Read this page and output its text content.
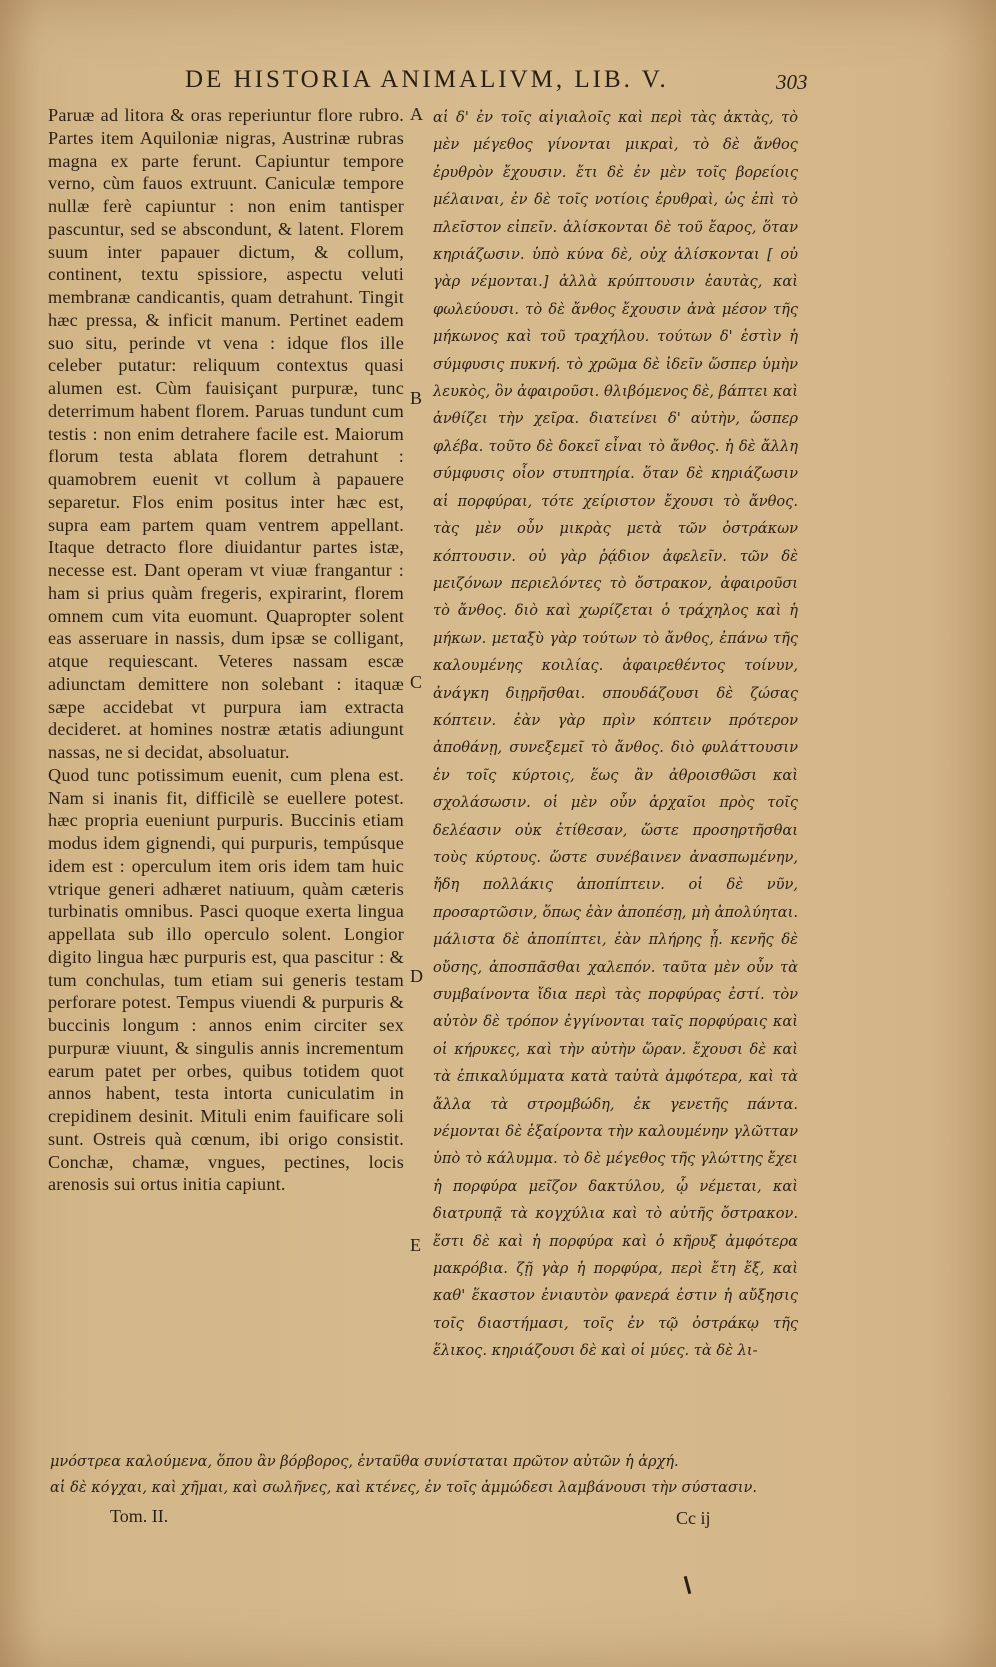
DE HISTORIA ANIMALIVM, LIB. V.	303

Paruæ ad litora & oras reperiuntur flore rubro. Partes item Aquiloniæ nigras, Austrinæ rubras magna ex parte ferunt. Capiuntur tempore verno, cùm fauos extruunt. Caniculæ tempore nullæ ferè capiuntur : non enim tantisper pascuntur, sed se abscondunt, & latent. Florem suum inter papauer dictum, & collum, continent, textu spissiore, aspectu veluti membranæ candicantis, quam detrahunt. Tingit hæc pressa, & inficit manum. Pertinet eadem suo situ, perinde vt vena : idque flos ille celeber putatur: reliquum contextus quasi alumen est. Cùm fauisiçant purpuræ, tunc deterrimum habent florem. Paruas tundunt cum testis : non enim detrahere facile est. Maiorum florum testa ablata florem detrahunt : quamobrem euenit vt collum à papauere separetur. Flos enim positus inter hæc est, supra eam partem quam ventrem appellant. Itaque detracto flore diuidantur partes istæ, necesse est. Dant operam vt viuæ frangantur : ham si prius quàm fregeris, expirarint, florem omnem cum vita euomunt. Quapropter solent eas asseruare in nassis, dum ipsæ se colligant, atque requiescant. Veteres nassam escæ adiunctam demittere non solebant : itaquæ sæpe accidebat vt purpura iam extracta decideret. at homines nostræ ætatis adiungunt nassas, ne si decidat, absoluatur.

Quod tunc potissimum euenit, cum plena est. Nam si inanis fit, difficilè se euellere potest. hæc propria eueniunt purpuris. Buccinis etiam modus idem gignendi, qui purpuris, tempúsque idem est : operculum item oris idem tam huic vtrique generi adhæret natiuum, quàm cæteris turbinatis omnibus. Pasci quoque exerta lingua appellata sub illo operculo solent. Longior digito lingua hæc purpuris est, qua pascitur : & tum conchulas, tum etiam sui generis testam perforare potest. Tempus viuendi & purpuris & buccinis longum : annos enim circiter sex purpuræ viuunt, & singulis annis incrementum earum patet per orbes, quibus totidem quot annos habent, testa intorta cuniculatim in crepidinem desinit. Mituli enim fauificare soli sunt. Ostreis quà cœnum, ibi origo consistit. Conchæ, chamæ, vngues, pectines, locis arenosis sui ortus initia capiunt.

A
B
C
D
E

αἱ δ' ἐν τοῖς αἰγιαλοῖς καὶ περὶ τὰς ἀκτὰς, τὸ μὲν μέγεθος γίνονται μικραὶ, τὸ δὲ ἄνθος ἐρυθρὸν ἔχουσιν. ἔτι δὲ ἐν μὲν τοῖς βορείοις μέλαιναι, ἐν δὲ τοῖς νοτίοις ἐρυθραὶ, ὡς ἐπὶ τὸ πλεῖστον εἰπεῖν. ἁλίσκονται δὲ τοῦ ἔαρος, ὅταν κηριάζωσιν. ὑπὸ κύνα δὲ, οὐχ ἁλίσκονται [ οὐ γὰρ νέμονται.] ἀλλὰ κρύπτουσιν ἑαυτὰς, καὶ φωλεύουσι. τὸ δὲ ἄνθος ἔχουσιν ἀνὰ μέσον τῆς μήκωνος καὶ τοῦ τραχήλου. τούτων δ' ἐστὶν ἡ σύμφυσις πυκνή. τὸ χρῶμα δὲ ἰδεῖν ὥσπερ ὑμὴν λευκὸς, ὃν ἀφαιροῦσι. θλιβόμενος δὲ, βάπτει καὶ ἀνθίζει τὴν χεῖρα. διατείνει δ' αὐτὴν, ὥσπερ φλέβα. τοῦτο δὲ δοκεῖ εἶναι τὸ ἄνθος. ἡ δὲ ἄλλη σύμφυσις οἷον στυπτηρία. ὅταν δὲ κηριάζωσιν αἱ πορφύραι, τότε χείριστον ἔχουσι τὸ ἄνθος. τὰς μὲν οὖν μικρὰς μετὰ τῶν ὀστράκων κόπτουσιν. οὐ γὰρ ῥᾴδιον ἀφελεῖν. τῶν δὲ μειζόνων περιελόντες τὸ ὄστρακον, ἀφαιροῦσι τὸ ἄνθος. διὸ καὶ χωρίζεται ὁ τράχηλος καὶ ἡ μήκων. μεταξὺ γὰρ τούτων τὸ ἄνθος, ἐπάνω τῆς καλουμένης κοιλίας. ἀφαιρεθέντος τοίνυν, ἀνάγκη διῃρῆσθαι. σπουδάζουσι δὲ ζώσας κόπτειν. ἐὰν γὰρ πρὶν κόπτειν πρότερον ἀποθάνῃ, συνεξεμεῖ τὸ ἄνθος. διὸ φυλάττουσιν ἐν τοῖς κύρτοις, ἕως ἂν ἀθροισθῶσι καὶ σχολάσωσιν. οἱ μὲν οὖν ἀρχαῖοι πρὸς τοῖς δελέασιν οὐκ ἐτίθεσαν, ὥστε προσηρτῆσθαι τοὺς κύρτους. ὥστε συνέβαινεν ἀνασπωμένην, ἤδη πολλάκις ἀποπίπτειν. οἱ δὲ νῦν, προσαρτῶσιν, ὅπως ἐὰν ἀποπέσῃ, μὴ ἀπολύηται. μάλιστα δὲ ἀποπίπτει, ἐὰν πλήρης ᾖ. κενῆς δὲ οὔσης, ἀποσπᾶσθαι χαλεπόν. ταῦτα μὲν οὖν τὰ συμβαίνοντα ἴδια περὶ τὰς πορφύρας ἐστί. τὸν αὐτὸν δὲ τρόπον ἐγγίνονται ταῖς πορφύραις καὶ οἱ κήρυκες, καὶ τὴν αὐτὴν ὥραν. ἔχουσι δὲ καὶ τὰ ἐπικαλύμματα κατὰ ταὐτὰ ἀμφότερα, καὶ τὰ ἄλλα τὰ στρομβώδη, ἐκ γενετῆς πάντα. νέμονται δὲ ἐξαίροντα τὴν καλουμένην γλῶτταν ὑπὸ τὸ κάλυμμα. τὸ δὲ μέγεθος τῆς γλώττης ἔχει ἡ πορφύρα μεῖζον δακτύλου, ᾧ νέμεται, καὶ διατρυπᾷ τὰ κογχύλια καὶ τὸ αὐτῆς ὄστρακον. ἔστι δὲ καὶ ἡ πορφύρα καὶ ὁ κῆρυξ ἀμφότερα μακρόβια. ζῇ γὰρ ἡ πορφύρα, περὶ ἔτη ἕξ, καὶ καθ' ἕκαστον ἐνιαυτὸν φανερά ἐστιν ἡ αὔξησις τοῖς διαστήμασι, τοῖς ἐν τῷ ὀστράκῳ τῆς ἕλικος. κηριάζουσι δὲ καὶ οἱ μύες. τὰ δὲ λι-

μνόστρεα καλούμενα, ὅπου ἂν βόρβορος, ἐνταῦθα συνίσταται πρῶτον αὐτῶν ἡ ἀρχή.
αἱ δὲ κόγχαι, καὶ χῆμαι, καὶ σωλῆνες, καὶ κτένες, ἐν τοῖς ἀμμώδεσι λαμβάνουσι τὴν σύστασιν.
Tom. II.	Cc ij
